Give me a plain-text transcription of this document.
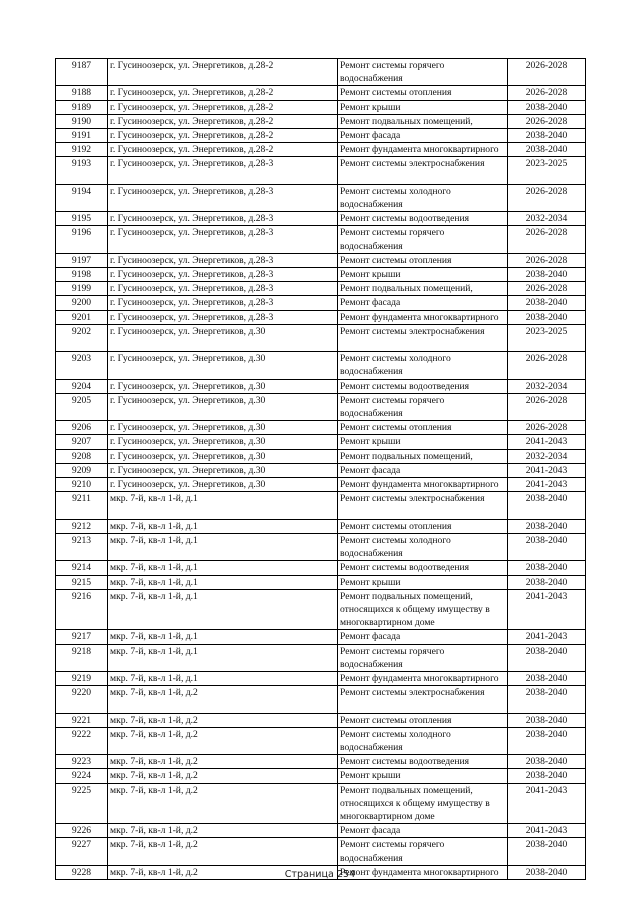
9187	г. Гусиноозерск, ул. Энергетиков, д.28-2	Ремонт системы горячего
водоснабжения	2026-2028
9188	г. Гусиноозерск, ул. Энергетиков, д.28-2	Ремонт системы отопления	2026-2028
9189	г. Гусиноозерск, ул. Энергетиков, д.28-2	Ремонт крыши	2038-2040
9190	г. Гусиноозерск, ул. Энергетиков, д.28-2	Ремонт подвальных помещений,	2026-2028
9191	г. Гусиноозерск, ул. Энергетиков, д.28-2	Ремонт фасада	2038-2040
9192	г. Гусиноозерск, ул. Энергетиков, д.28-2	Ремонт фундамента многоквартирного	2038-2040
9193	г. Гусиноозерск, ул. Энергетиков, д.28-3	Ремонт системы электроснабжения	2023-2025
9194	г. Гусиноозерск, ул. Энергетиков, д.28-3	Ремонт системы холодного
водоснабжения	2026-2028
9195	г. Гусиноозерск, ул. Энергетиков, д.28-3	Ремонт системы водоотведения	2032-2034
9196	г. Гусиноозерск, ул. Энергетиков, д.28-3	Ремонт системы горячего
водоснабжения	2026-2028
9197	г. Гусиноозерск, ул. Энергетиков, д.28-3	Ремонт системы отопления	2026-2028
9198	г. Гусиноозерск, ул. Энергетиков, д.28-3	Ремонт крыши	2038-2040
9199	г. Гусиноозерск, ул. Энергетиков, д.28-3	Ремонт подвальных помещений,	2026-2028
9200	г. Гусиноозерск, ул. Энергетиков, д.28-3	Ремонт фасада	2038-2040
9201	г. Гусиноозерск, ул. Энергетиков, д.28-3	Ремонт фундамента многоквартирного	2038-2040
9202	г. Гусиноозерск, ул. Энергетиков, д.30	Ремонт системы электроснабжения	2023-2025
9203	г. Гусиноозерск, ул. Энергетиков, д.30	Ремонт системы холодного
водоснабжения	2026-2028
9204	г. Гусиноозерск, ул. Энергетиков, д.30	Ремонт системы водоотведения	2032-2034
9205	г. Гусиноозерск, ул. Энергетиков, д.30	Ремонт системы горячего
водоснабжения	2026-2028
9206	г. Гусиноозерск, ул. Энергетиков, д.30	Ремонт системы отопления	2026-2028
9207	г. Гусиноозерск, ул. Энергетиков, д.30	Ремонт крыши	2041-2043
9208	г. Гусиноозерск, ул. Энергетиков, д.30	Ремонт подвальных помещений,	2032-2034
9209	г. Гусиноозерск, ул. Энергетиков, д.30	Ремонт фасада	2041-2043
9210	г. Гусиноозерск, ул. Энергетиков, д.30	Ремонт фундамента многоквартирного	2041-2043
9211	мкр. 7-й, кв-л 1-й, д.1	Ремонт системы электроснабжения	2038-2040
9212	мкр. 7-й, кв-л 1-й, д.1	Ремонт системы отопления	2038-2040
9213	мкр. 7-й, кв-л 1-й, д.1	Ремонт системы холодного
водоснабжения	2038-2040
9214	мкр. 7-й, кв-л 1-й, д.1	Ремонт системы водоотведения	2038-2040
9215	мкр. 7-й, кв-л 1-й, д.1	Ремонт крыши	2038-2040
9216	мкр. 7-й, кв-л 1-й, д.1	Ремонт подвальных помещений,
относящихся к общему имуществу в
многоквартирном доме	2041-2043
9217	мкр. 7-й, кв-л 1-й, д.1	Ремонт фасада	2041-2043
9218	мкр. 7-й, кв-л 1-й, д.1	Ремонт системы горячего
водоснабжения	2038-2040
9219	мкр. 7-й, кв-л 1-й, д.1	Ремонт фундамента многоквартирного	2038-2040
9220	мкр. 7-й, кв-л 1-й, д.2	Ремонт системы электроснабжения	2038-2040
9221	мкр. 7-й, кв-л 1-й, д.2	Ремонт системы отопления	2038-2040
9222	мкр. 7-й, кв-л 1-й, д.2	Ремонт системы холодного
водоснабжения	2038-2040
9223	мкр. 7-й, кв-л 1-й, д.2	Ремонт системы водоотведения	2038-2040
9224	мкр. 7-й, кв-л 1-й, д.2	Ремонт крыши	2038-2040
9225	мкр. 7-й, кв-л 1-й, д.2	Ремонт подвальных помещений,
относящихся к общему имуществу в
многоквартирном доме	2041-2043
9226	мкр. 7-й, кв-л 1-й, д.2	Ремонт фасада	2041-2043
9227	мкр. 7-й, кв-л 1-й, д.2	Ремонт системы горячего
водоснабжения	2038-2040
9228	мкр. 7-й, кв-л 1-й, д.2	Ремонт фундамента многоквартирного	2038-2040
Страница 254
